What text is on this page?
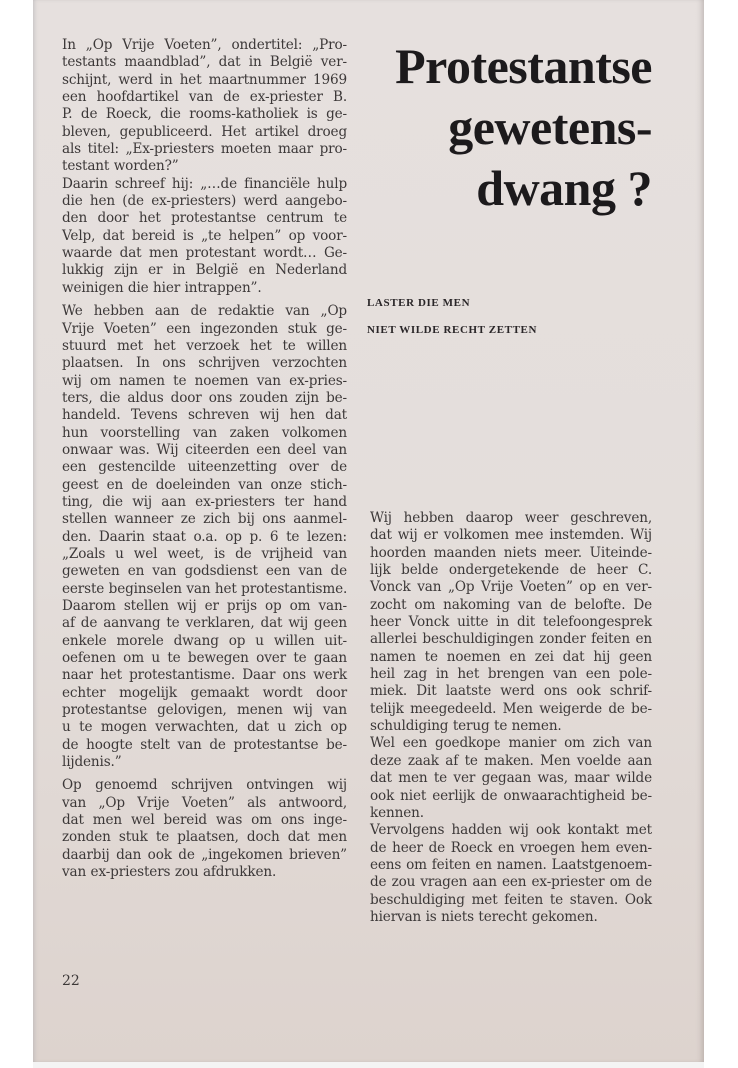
In „Op Vrije Voeten”, ondertitel: „Pro-
testants maandblad”, dat in België ver-
schijnt, werd in het maartnummer 1969
een hoofdartikel van de ex-priester B.
P. de Roeck, die rooms-katholiek is ge-
bleven, gepubliceerd. Het artikel droeg
als titel: „Ex-priesters moeten maar pro-
testant worden?”

Daarin schreef hij: „…de financiële hulp
die hen (de ex-priesters) werd aangebo-
den door het protestantse centrum te
Velp, dat bereid is „te helpen” op voor-
waarde dat men protestant wordt… Ge-
lukkig zijn er in België en Nederland
weinigen die hier intrappen”.

We hebben aan de redaktie van „Op
Vrije Voeten” een ingezonden stuk ge-
stuurd met het verzoek het te willen
plaatsen. In ons schrijven verzochten
wij om namen te noemen van ex-pries-
ters, die aldus door ons zouden zijn be-
handeld. Tevens schreven wij hen dat
hun voorstelling van zaken volkomen
onwaar was. Wij citeerden een deel van
een gestencilde uiteenzetting over de
geest en de doeleinden van onze stich-
ting, die wij aan ex-priesters ter hand
stellen wanneer ze zich bij ons aanmel-
den. Daarin staat o.a. op p. 6 te lezen:
„Zoals u wel weet, is de vrijheid van
geweten en van godsdienst een van de
eerste beginselen van het protestantisme.
Daarom stellen wij er prijs op om van-
af de aanvang te verklaren, dat wij geen
enkele morele dwang op u willen uit-
oefenen om u te bewegen over te gaan
naar het protestantisme. Daar ons werk
echter mogelijk gemaakt wordt door
protestantse gelovigen, menen wij van
u te mogen verwachten, dat u zich op
de hoogte stelt van de protestantse be-
lijdenis.”

Op genoemd schrijven ontvingen wij
van „Op Vrije Voeten” als antwoord,
dat men wel bereid was om ons inge-
zonden stuk te plaatsen, doch dat men
daarbij dan ook de „ingekomen brieven”
van ex-priesters zou afdrukken.

22
Protestantse
gewetens-
dwang ?
LASTER DIE MEN
NIET WILDE RECHT ZETTEN

Wij hebben daarop weer geschreven,
dat wij er volkomen mee instemden. Wij
hoorden maanden niets meer. Uiteinde-
lijk belde ondergetekende de heer C.
Vonck van „Op Vrije Voeten” op en ver-
zocht om nakoming van de belofte. De
heer Vonck uitte in dit telefoongesprek
allerlei beschuldigingen zonder feiten en
namen te noemen en zei dat hij geen
heil zag in het brengen van een pole-
miek. Dit laatste werd ons ook schrif-
telijk meegedeeld. Men weigerde de be-
schuldiging terug te nemen.

Wel een goedkope manier om zich van
deze zaak af te maken. Men voelde aan
dat men te ver gegaan was, maar wilde
ook niet eerlijk de onwaarachtigheid be-
kennen.

Vervolgens hadden wij ook kontakt met
de heer de Roeck en vroegen hem even-
eens om feiten en namen. Laatstgenoem-
de zou vragen aan een ex-priester om de
beschuldiging met feiten te staven. Ook
hiervan is niets terecht gekomen.
